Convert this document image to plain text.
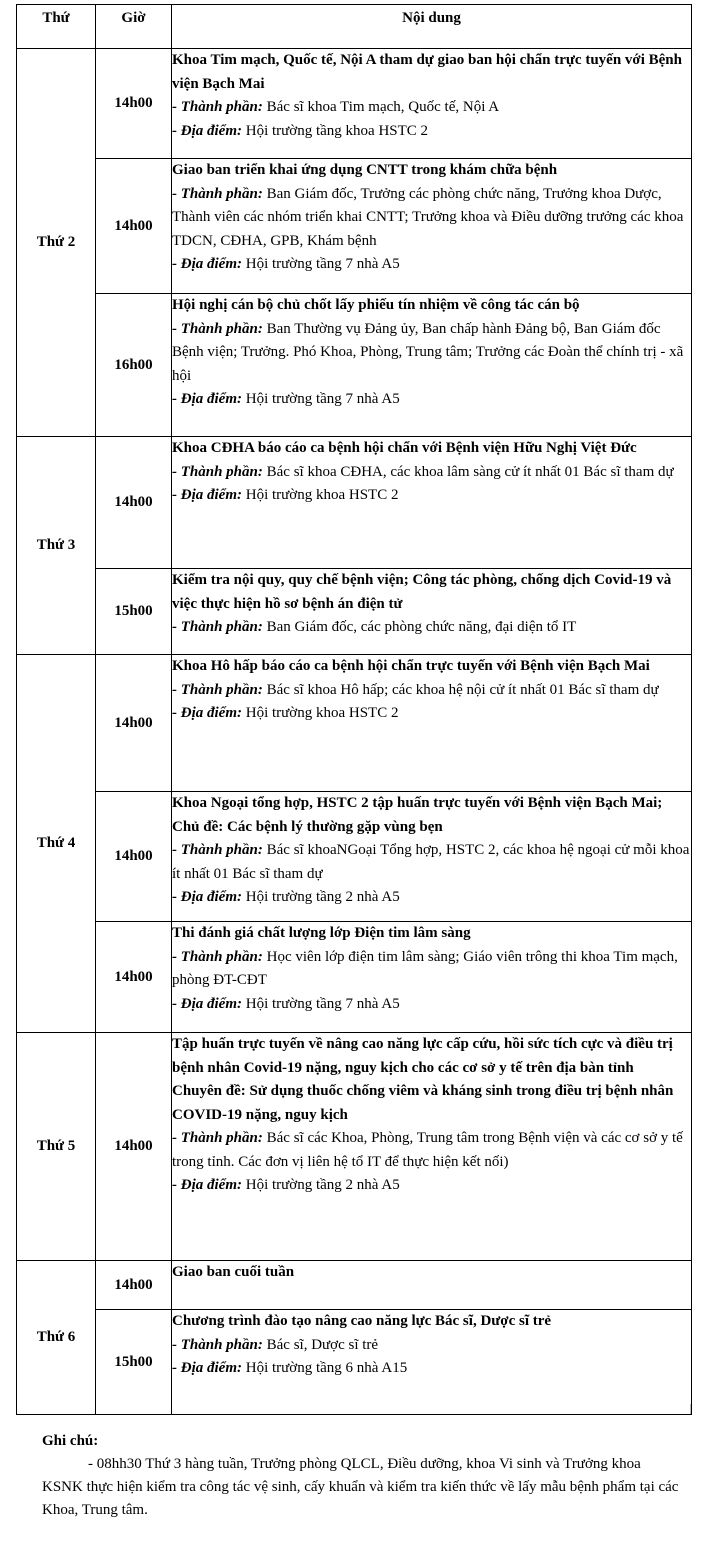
Thứ	Giờ	Nội dung
Thứ 2	14h00	Khoa Tim mạch, Quốc tế, Nội A tham dự giao ban hội chẩn trực tuyến với Bệnh viện Bạch Mai
- Thành phần: Bác sĩ khoa Tim mạch, Quốc tế, Nội A
- Địa điểm: Hội trường tầng khoa HSTC 2

	14h00	Giao ban triển khai ứng dụng CNTT trong khám chữa bệnh
- Thành phần: Ban Giám đốc, Trưởng các phòng chức năng, Trưởng khoa Dược, Thành viên các nhóm triển khai CNTT; Trưởng khoa và Điều dưỡng trưởng các khoa TDCN, CĐHA, GPB, Khám bệnh
- Địa điểm: Hội trường tầng 7 nhà A5

	16h00	Hội nghị cán bộ chủ chốt lấy phiếu tín nhiệm về công tác cán bộ
- Thành phần: Ban Thường vụ Đảng ủy, Ban chấp hành Đảng bộ, Ban Giám đốc Bệnh viện; Trưởng. Phó Khoa, Phòng, Trung tâm; Trưởng các Đoàn thể chính trị - xã hội
- Địa điểm: Hội trường tầng 7 nhà A5

Thứ 3	14h00	Khoa CĐHA báo cáo ca bệnh hội chẩn với Bệnh viện Hữu Nghị Việt Đức
- Thành phần: Bác sĩ khoa CĐHA, các khoa lâm sàng cử ít nhất 01 Bác sĩ tham dự
- Địa điểm: Hội trường khoa HSTC 2

	15h00	Kiểm tra nội quy, quy chế bệnh viện; Công tác phòng, chống dịch Covid-19 và việc thực hiện hồ sơ bệnh án điện tử
- Thành phần: Ban Giám đốc, các phòng chức năng, đại diện tổ IT

Thứ 4	14h00	Khoa Hô hấp báo cáo ca bệnh hội chẩn trực tuyến với Bệnh viện Bạch Mai
- Thành phần: Bác sĩ khoa Hô hấp; các khoa hệ nội cử ít nhất 01 Bác sĩ tham dự
- Địa điểm: Hội trường khoa HSTC 2

	14h00	Khoa Ngoại tổng hợp, HSTC 2 tập huấn trực tuyến với Bệnh viện Bạch Mai; Chủ đề: Các bệnh lý thường gặp vùng bẹn
- Thành phần: Bác sĩ khoaNGoại Tổng hợp, HSTC 2, các khoa hệ ngoại cử mỗi khoa ít nhất 01 Bác sĩ tham dự
- Địa điểm: Hội trường tầng 2 nhà A5

	14h00	Thi đánh giá chất lượng lớp Điện tim lâm sàng
- Thành phần: Học viên lớp điện tim lâm sàng; Giáo viên trông thi khoa Tim mạch, phòng ĐT-CĐT
- Địa điểm: Hội trường tầng 7 nhà A5

Thứ 5	14h00	Tập huấn trực tuyến về nâng cao năng lực cấp cứu, hồi sức tích cực và điều trị bệnh nhân Covid-19 nặng, nguy kịch cho các cơ sở y tế trên địa bàn tỉnh
Chuyên đề: Sử dụng thuốc chống viêm và kháng sinh trong điều trị bệnh nhân COVID-19 nặng, nguy kịch
- Thành phần: Bác sĩ các Khoa, Phòng, Trung tâm trong Bệnh viện và các cơ sở y tế trong tỉnh. Các đơn vị liên hệ tổ IT để thực hiện kết nối)
- Địa điểm: Hội trường tầng 2 nhà A5

Thứ 6	14h00	Giao ban cuối tuần

	15h00	Chương trình đào tạo nâng cao năng lực Bác sĩ, Dược sĩ trẻ
- Thành phần: Bác sĩ, Dược sĩ trẻ
- Địa điểm: Hội trường tầng 6 nhà A15
Ghi chú:
- 08hh30 Thứ 3 hàng tuần, Trưởng phòng QLCL, Điều dưỡng, khoa Vi sinh và Trưởng khoa KSNK thực hiện kiểm tra công tác vệ sinh, cấy khuẩn và kiểm tra kiến thức về lấy mẫu bệnh phẩm tại các Khoa, Trung tâm.
